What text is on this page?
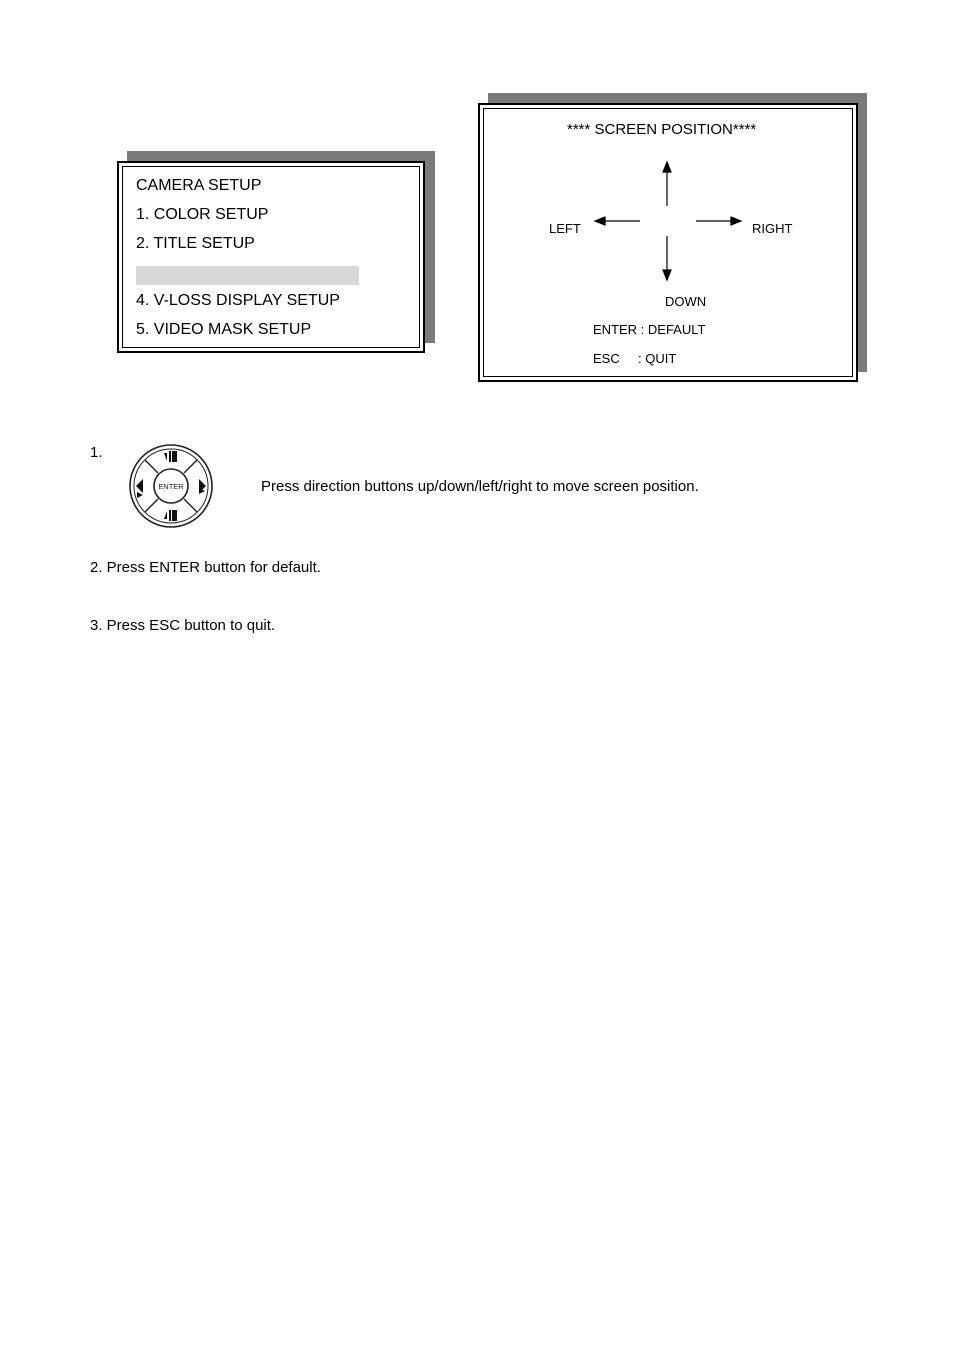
CAMERA SETUP
1. COLOR SETUP
2. TITLE SETUP
4. V-LOSS DISPLAY SETUP
5. VIDEO MASK SETUP
**** SCREEN POSITION****
LEFT	RIGHT
DOWN
ENTER : DEFAULT
ESC : QUIT
1.
ENTER	Press direction buttons up/down/left/right to move screen position.
2. Press ENTER button for default.
3. Press ESC button to quit.
